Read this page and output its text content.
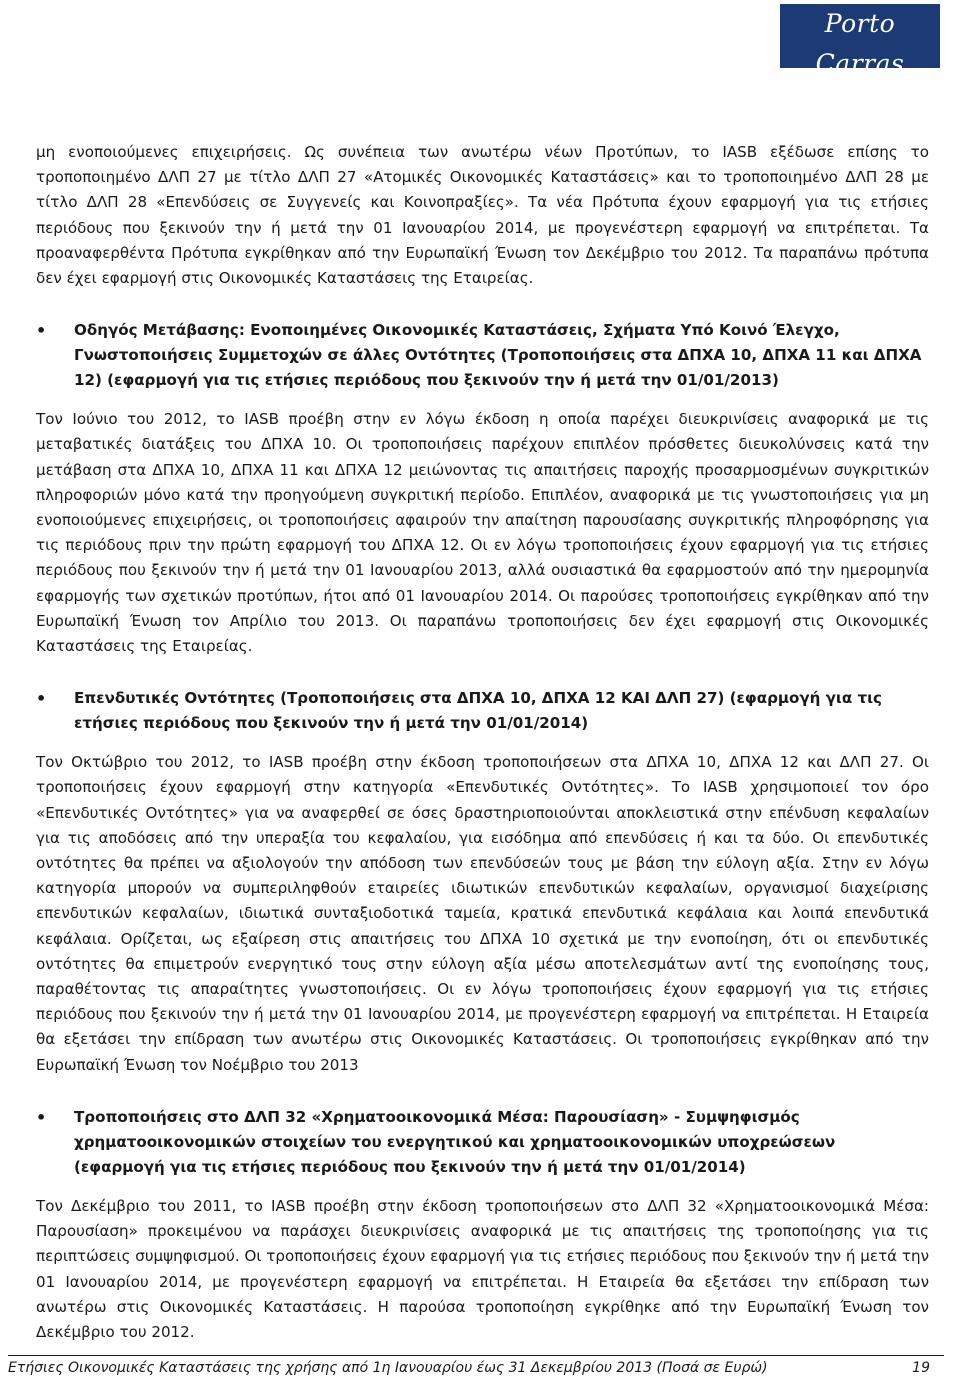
Porto Carras
GRAND RESORT

μη ενοποιούμενες επιχειρήσεις. Ως συνέπεια των ανωτέρω νέων Προτύπων, το IASB εξέδωσε επίσης το τροποποιημένο ΔΛΠ 27 με τίτλο ΔΛΠ 27 «Ατομικές Οικονομικές Καταστάσεις» και το τροποποιημένο ΔΛΠ 28 με τίτλο ΔΛΠ 28 «Επενδύσεις σε Συγγενείς και Κοινοπραξίες». Τα νέα Πρότυπα έχουν εφαρμογή για τις ετήσιες περιόδους που ξεκινούν την ή μετά την 01 Ιανουαρίου 2014, με προγενέστερη εφαρμογή να επιτρέπεται. Τα προαναφερθέντα Πρότυπα εγκρίθηκαν από την Ευρωπαϊκή Ένωση τον Δεκέμβριο του 2012. Τα παραπάνω πρότυπα δεν έχει εφαρμογή στις Οικονομικές Καταστάσεις της Εταιρείας.

• Οδηγός Μετάβασης: Ενοποιημένες Οικονομικές Καταστάσεις, Σχήματα Υπό Κοινό Έλεγχο, Γνωστοποιήσεις Συμμετοχών σε άλλες Οντότητες (Τροποποιήσεις στα ΔΠΧΑ 10, ΔΠΧΑ 11 και ΔΠΧΑ 12) (εφαρμογή για τις ετήσιες περιόδους που ξεκινούν την ή μετά την 01/01/2013)

Τον Ιούνιο του 2012, το IASB προέβη στην εν λόγω έκδοση η οποία παρέχει διευκρινίσεις αναφορικά με τις μεταβατικές διατάξεις του ΔΠΧΑ 10. Οι τροποποιήσεις παρέχουν επιπλέον πρόσθετες διευκολύνσεις κατά την μετάβαση στα ΔΠΧΑ 10, ΔΠΧΑ 11 και ΔΠΧΑ 12 μειώνοντας τις απαιτήσεις παροχής προσαρμοσμένων συγκριτικών πληροφοριών μόνο κατά την προηγούμενη συγκριτική περίοδο. Επιπλέον, αναφορικά με τις γνωστοποιήσεις για μη ενοποιούμενες επιχειρήσεις, οι τροποποιήσεις αφαιρούν την απαίτηση παρουσίασης συγκριτικής πληροφόρησης για τις περιόδους πριν την πρώτη εφαρμογή του ΔΠΧΑ 12. Οι εν λόγω τροποποιήσεις έχουν εφαρμογή για τις ετήσιες περιόδους που ξεκινούν την ή μετά την 01 Ιανουαρίου 2013, αλλά ουσιαστικά θα εφαρμοστούν από την ημερομηνία εφαρμογής των σχετικών προτύπων, ήτοι από 01 Ιανουαρίου 2014. Οι παρούσες τροποποιήσεις εγκρίθηκαν από την Ευρωπαϊκή Ένωση τον Απρίλιο του 2013. Οι παραπάνω τροποποιήσεις δεν έχει εφαρμογή στις Οικονομικές Καταστάσεις της Εταιρείας.

• Επενδυτικές Οντότητες (Τροποποιήσεις στα ΔΠΧΑ 10, ΔΠΧΑ 12 ΚΑΙ ΔΛΠ 27) (εφαρμογή για τις ετήσιες περιόδους που ξεκινούν την ή μετά την 01/01/2014)

Τον Οκτώβριο του 2012, το IASB προέβη στην έκδοση τροποποιήσεων στα ΔΠΧΑ 10, ΔΠΧΑ 12 και ΔΛΠ 27. Οι τροποποιήσεις έχουν εφαρμογή στην κατηγορία «Επενδυτικές Οντότητες». Το IASB χρησιμοποιεί τον όρο «Επενδυτικές Οντότητες» για να αναφερθεί σε όσες δραστηριοποιούνται αποκλειστικά στην επένδυση κεφαλαίων για τις αποδόσεις από την υπεραξία του κεφαλαίου, για εισόδημα από επενδύσεις ή και τα δύο. Οι επενδυτικές οντότητες θα πρέπει να αξιολογούν την απόδοση των επενδύσεών τους με βάση την εύλογη αξία. Στην εν λόγω κατηγορία μπορούν να συμπεριληφθούν εταιρείες ιδιωτικών επενδυτικών κεφαλαίων, οργανισμοί διαχείρισης επενδυτικών κεφαλαίων, ιδιωτικά συνταξιοδοτικά ταμεία, κρατικά επενδυτικά κεφάλαια και λοιπά επενδυτικά κεφάλαια. Ορίζεται, ως εξαίρεση στις απαιτήσεις του ΔΠΧΑ 10 σχετικά με την ενοποίηση, ότι οι επενδυτικές οντότητες θα επιμετρούν ενεργητικό τους στην εύλογη αξία μέσω αποτελεσμάτων αντί της ενοποίησης τους, παραθέτοντας τις απαραίτητες γνωστοποιήσεις. Οι εν λόγω τροποποιήσεις έχουν εφαρμογή για τις ετήσιες περιόδους που ξεκινούν την ή μετά την 01 Ιανουαρίου 2014, με προγενέστερη εφαρμογή να επιτρέπεται. Η Εταιρεία θα εξετάσει την επίδραση των ανωτέρω στις Οικονομικές Καταστάσεις. Οι τροποποιήσεις εγκρίθηκαν από την Ευρωπαϊκή Ένωση τον Νοέμβριο του 2013

• Τροποποιήσεις στο ΔΛΠ 32 «Χρηματοοικονομικά Μέσα: Παρουσίαση» - Συμψηφισμός χρηματοοικονομικών στοιχείων του ενεργητικού και χρηματοοικονομικών υποχρεώσεων (εφαρμογή για τις ετήσιες περιόδους που ξεκινούν την ή μετά την 01/01/2014)

Τον Δεκέμβριο του 2011, το IASB προέβη στην έκδοση τροποποιήσεων στο ΔΛΠ 32 «Χρηματοοικονομικά Μέσα: Παρουσίαση» προκειμένου να παράσχει διευκρινίσεις αναφορικά με τις απαιτήσεις της τροποποίησης για τις περιπτώσεις συμψηφισμού. Οι τροποποιήσεις έχουν εφαρμογή για τις ετήσιες περιόδους που ξεκινούν την ή μετά την 01 Ιανουαρίου 2014, με προγενέστερη εφαρμογή να επιτρέπεται. Η Εταιρεία θα εξετάσει την επίδραση των ανωτέρω στις Οικονομικές Καταστάσεις. Η παρούσα τροποποίηση εγκρίθηκε από την Ευρωπαϊκή Ένωση τον Δεκέμβριο του 2012.

Ετήσιες Οικονομικές Καταστάσεις της χρήσης από 1η Ιανουαρίου έως 31 Δεκεμβρίου 2013 (Ποσά σε Ευρώ)	19
